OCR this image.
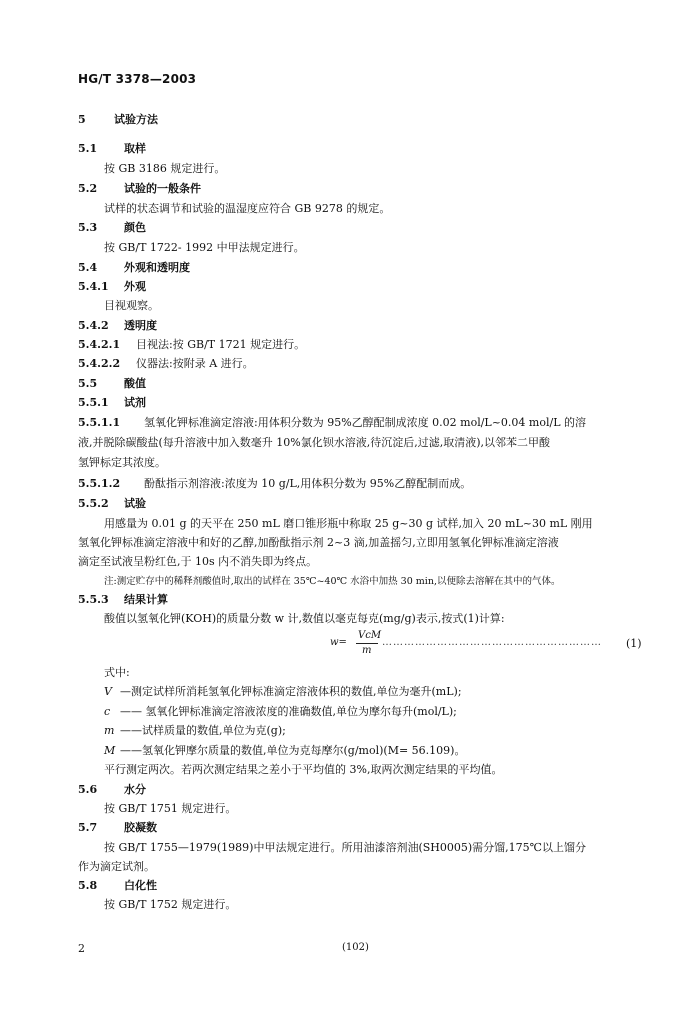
HG/T 3378—2003
5	试验方法
5.1 取样
按 GB 3186 规定进行。
5.2 试验的一般条件
试样的状态调节和试验的温湿度应符合 GB 9278 的规定。
5.3 颜色
按 GB/T 1722- 1992 中甲法规定进行。
5.4 外观和透明度
5.4.1 外观
目视观察。
5.4.2 透明度
5.4.2.1 目视法:按 GB/T 1721 规定进行。
5.4.2.2 仪器法:按附录 A 进行。
5.5 酸值
5.5.1 试剂
5.5.1.1 氢氧化钾标准滴定溶液:用体积分数为 95%乙醇配制成浓度 0.02 mol/L~0.04 mol/L 的溶
液,并脱除碳酸盐(每升溶液中加入数毫升 10%氯化钡水溶液,待沉淀后,过滤,取清液),以邻苯二甲酸
氢钾标定其浓度。
5.5.1.2 酚酞指示剂溶液:浓度为 10 g/L,用体积分数为 95%乙醇配制而成。
5.5.2 试验
用感量为 0.01 g 的天平在 250 mL 磨口锥形瓶中称取 25 g~30 g 试样,加入 20 mL~30 mL 刚用
氢氧化钾标准滴定溶液中和好的乙醇,加酚酞指示剂 2~3 滴,加盖摇匀,立即用氢氧化钾标准滴定溶液
滴定至试液呈粉红色,于 10s 内不消失即为终点。
注:测定贮存中的稀释剂酸值时,取出的试样在 35℃~40℃ 水浴中加热 30 min,以便除去溶解在其中的气体。
5.5.3 结果计算
酸值以氢氧化钾(KOH)的质量分数 w 计,数值以毫克每克(mg/g)表示,按式(1)计算:
w=
VcM
m
…………………………………………………… (1)
式中:
V —测定试样所消耗氢氧化钾标准滴定溶液体积的数值,单位为毫升(mL);
c —— 氢氧化钾标准滴定溶液浓度的准确数值,单位为摩尔每升(mol/L);
m ——试样质量的数值,单位为克(g);
M ——氢氧化钾摩尔质量的数值,单位为克每摩尔(g/mol)(M= 56.109)。
平行测定两次。若两次测定结果之差小于平均值的 3%,取两次测定结果的平均值。
5.6 水分
按 GB/T 1751 规定进行。
5.7 胶凝数
按 GB/T 1755—1979(1989)中甲法规定进行。所用油漆溶剂油(SH0005)需分馏,175℃以上馏分
作为滴定试剂。
5.8 白化性
按 GB/T 1752 规定进行。
2	(102)
